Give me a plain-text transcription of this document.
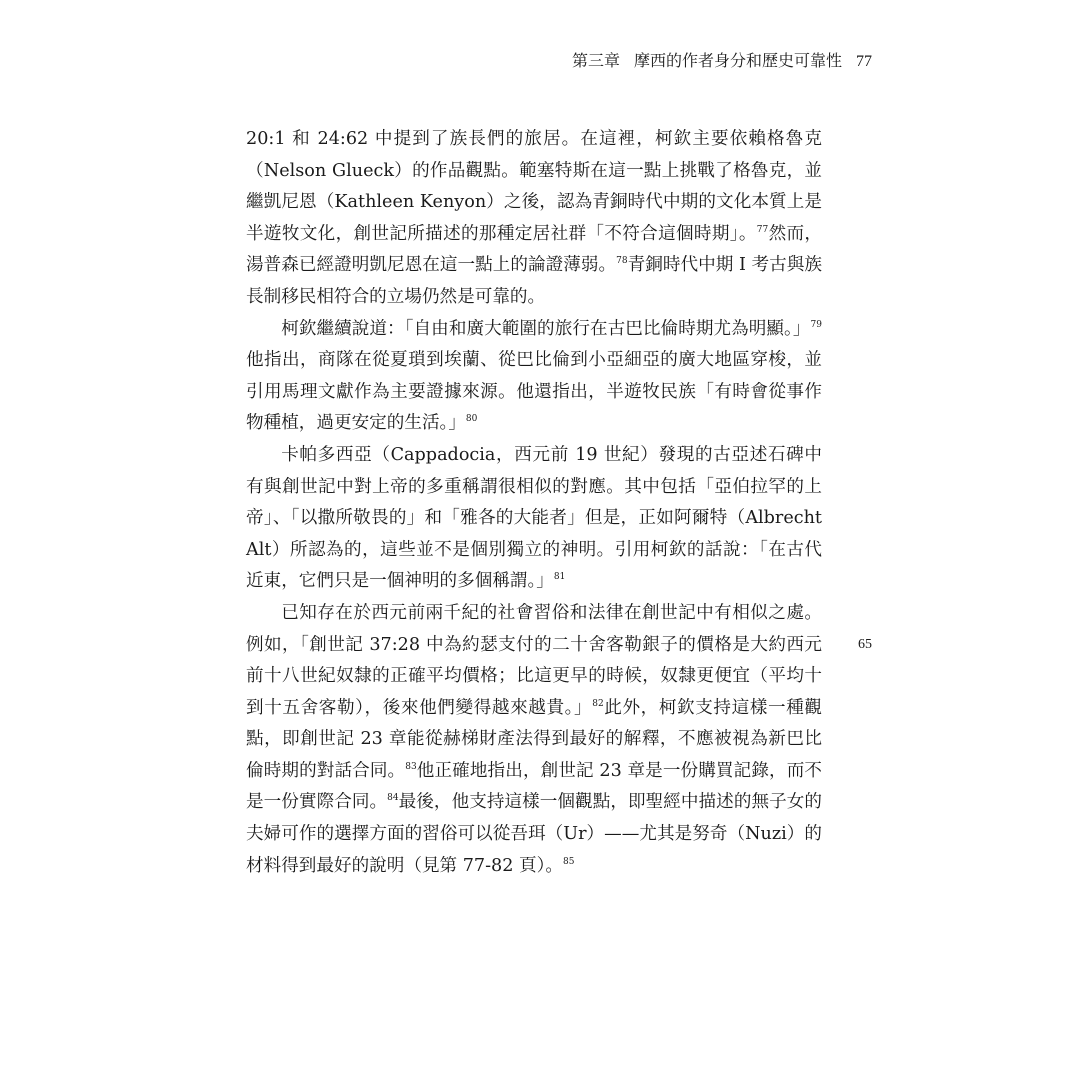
第三章 摩西的作者身分和歷史可靠性 77

20:1 和 24:62 中提到了族長們的旅居。在這裡，柯欽主要依賴格魯克（Nelson Glueck）的作品觀點。範塞特斯在這一點上挑戰了格魯克，並繼凱尼恩（Kathleen Kenyon）之後，認為青銅時代中期的文化本質上是半遊牧文化，創世記所描述的那種定居社群「不符合這個時期」。$^{77}$然而，湯普森已經證明凱尼恩在這一點上的論證薄弱。$^{78}$青銅時代中期 I 考古與族長制移民相符合的立場仍然是可靠的。

柯欽繼續說道：「自由和廣大範圍的旅行在古巴比倫時期尤為明顯。」$^{79}$他指出，商隊在從夏瑣到埃蘭、從巴比倫到小亞細亞的廣大地區穿梭，並引用馬理文獻作為主要證據來源。他還指出，半遊牧民族「有時會從事作物種植，過更安定的生活。」$^{80}$

卡帕多西亞（Cappadocia，西元前 19 世紀）發現的古亞述石碑中有與創世記中對上帝的多重稱謂很相似的對應。其中包括「亞伯拉罕的上帝」、「以撒所敬畏的」和「雅各的大能者」但是，正如阿爾特（Albrecht Alt）所認為的，這些並不是個別獨立的神明。引用柯欽的話說：「在古代近東，它們只是一個神明的多個稱謂。」$^{81}$

已知存在於西元前兩千紀的社會習俗和法律在創世記中有相似之處。例如，「創世記 37:28 中為約瑟支付的二十舍客勒銀子的價格是大約西元前十八世紀奴隸的正確平均價格；比這更早的時候，奴隸更便宜（平均十到十五舍客勒），後來他們變得越來越貴。」$^{82}$此外，柯欽支持這樣一種觀點，即創世記 23 章能從赫梯財產法得到最好的解釋，不應被視為新巴比倫時期的對話合同。$^{83}$他正確地指出，創世記 23 章是一份購買記錄，而不是一份實際合同。$^{84}$最後，他支持這樣一個觀點，即聖經中描述的無子女的夫婦可作的選擇方面的習俗可以從吾珥（Ur）——尤其是努奇（Nuzi）的材料得到最好的說明（見第 77-82 頁）。$^{85}$

65
